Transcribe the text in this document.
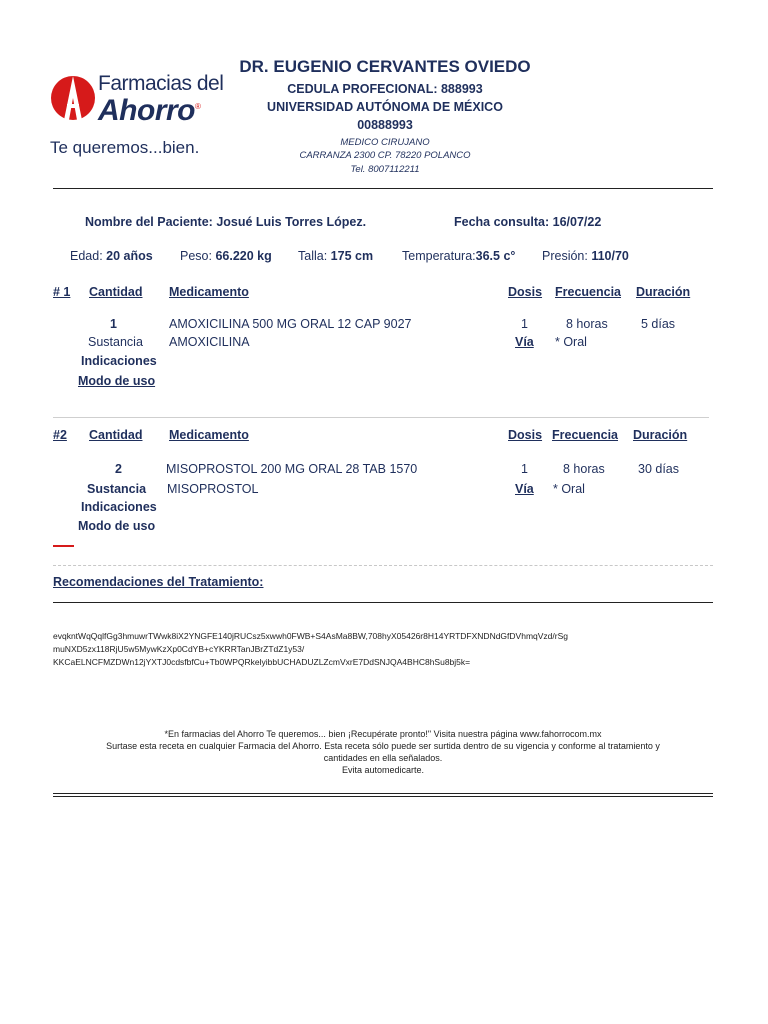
Farmacias del
Ahorro®
Te queremos...bien.
DR. EUGENIO CERVANTES OVIEDO
CEDULA PROFECIONAL: 888993
UNIVERSIDAD AUTÓNOMA DE MÉXICO
00888993
MEDICO CIRUJANO
CARRANZA 2300 CP. 78220 POLANCO
Tel. 8007112211
Nombre del Paciente: Josué Luis Torres López.	Fecha consulta: 16/07/22
Edad: 20 años Peso: 66.220 kg Talla: 175 cm Temperatura:36.5 c° Presión: 110/70
# 1 Cantidad Medicamento	Dosis Frecuencia Duración
1	AMOXICILINA 500 MG ORAL 12 CAP 9027	1	8 horas	5 días
Sustancia AMOXICILINA	Vía * Oral
Indicaciones
Modo de uso
#2 Cantidad Medicamento	Dosis Frecuencia Duración
2	MISOPROSTOL 200 MG ORAL 28 TAB 1570	1	8 horas	30 días
Sustancia MISOPROSTOL	Vía * Oral
Indicaciones
Modo de uso
Recomendaciones del Tratamiento:
evqkntWqQqlfGg3hmuwrTWwk8iX2YNGFE140jRUCsz5xwwh0FWB+S4AsMa8BW,708hyX05426r8H14YRTDFXNDNdGfDVhmqVzd/rSg
muNXD5zx118RjU5w5MywKzXp0CdYB+cYKRRTanJBrZTdZ1y53/
KKCaELNCFMZDWn12jYXTJ0cdsfbfCu+Tb0WPQRkelyibbUCHADUZLZcmVxrE7DdSNJQA4BHC8hSu8bj5k=
*En farmacias del Ahorro Te queremos... bien ¡Recupérate pronto!" Visita nuestra página www.fahorrocom.mx
Surtase esta receta en cualquier Farmacia del Ahorro. Esta receta sólo puede ser surtida dentro de su vigencia y conforme al tratamiento y
cantidades en ella señalados.
Evita automedicarte.
